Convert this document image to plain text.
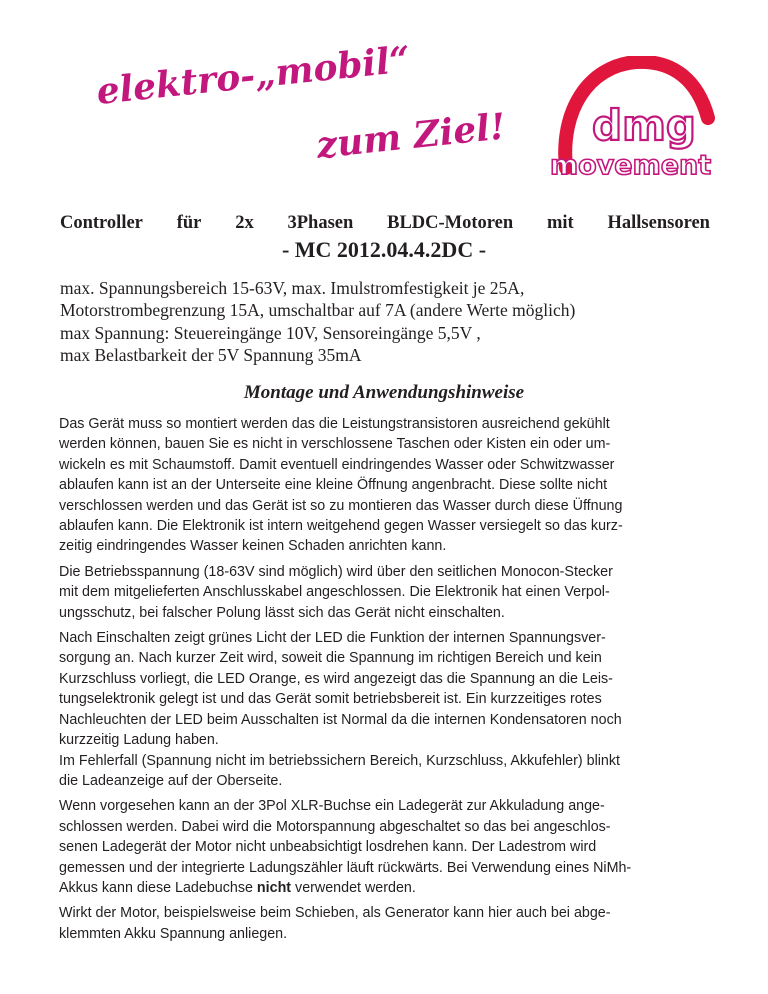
elektro-„mobil“
zum Ziel! dmg
movement
Controller für 2x 3Phasen BLDC-Motoren mit Hallsensoren
- MC 2012.04.4.2DC -
max. Spannungsbereich 15-63V, max. Imulstromfestigkeit je 25A,
Motorstrombegrenzung 15A, umschaltbar auf 7A (andere Werte möglich)
max Spannung: Steuereingänge 10V, Sensoreingänge 5,5V ,
max Belastbarkeit der 5V Spannung 35mA
Montage und Anwendungshinweise
Das Gerät muss so montiert werden das die Leistungstransistoren ausreichend gekühlt
werden können, bauen Sie es nicht in verschlossene Taschen oder Kisten ein oder um-
wickeln es mit Schaumstoff. Damit eventuell eindringendes Wasser oder Schwitzwasser
ablaufen kann ist an der Unterseite eine kleine Öffnung angenbracht. Diese sollte nicht
verschlossen werden und das Gerät ist so zu montieren das Wasser durch diese Üffnung
ablaufen kann. Die Elektronik ist intern weitgehend gegen Wasser versiegelt so das kurz-
zeitig eindringendes Wasser keinen Schaden anrichten kann.
Die Betriebsspannung (18-63V sind möglich) wird über den seitlichen Monocon-Stecker
mit dem mitgelieferten Anschlusskabel angeschlossen. Die Elektronik hat einen Verpol-
ungsschutz, bei falscher Polung lässt sich das Gerät nicht einschalten.
Nach Einschalten zeigt grünes Licht der LED die Funktion der internen Spannungsver-
sorgung an. Nach kurzer Zeit wird, soweit die Spannung im richtigen Bereich und kein
Kurzschluss vorliegt, die LED Orange, es wird angezeigt das die Spannung an die Leis-
tungselektronik gelegt ist und das Gerät somit betriebsbereit ist. Ein kurzzeitiges rotes
Nachleuchten der LED beim Ausschalten ist Normal da die internen Kondensatoren noch
kurzzeitig Ladung haben.
Im Fehlerfall (Spannung nicht im betriebssichern Bereich, Kurzschluss, Akkufehler) blinkt
die Ladeanzeige auf der Oberseite.
Wenn vorgesehen kann an der 3Pol XLR-Buchse ein Ladegerät zur Akkuladung ange-
schlossen werden. Dabei wird die Motorspannung abgeschaltet so das bei angeschlos-
senen Ladegerät der Motor nicht unbeabsichtigt losdrehen kann. Der Ladestrom wird
gemessen und der integrierte Ladungszähler läuft rückwärts. Bei Verwendung eines NiMh-
Akkus kann diese Ladebuchse nicht verwendet werden.
Wirkt der Motor, beispielsweise beim Schieben, als Generator kann hier auch bei abge-
klemmten Akku Spannung anliegen.
